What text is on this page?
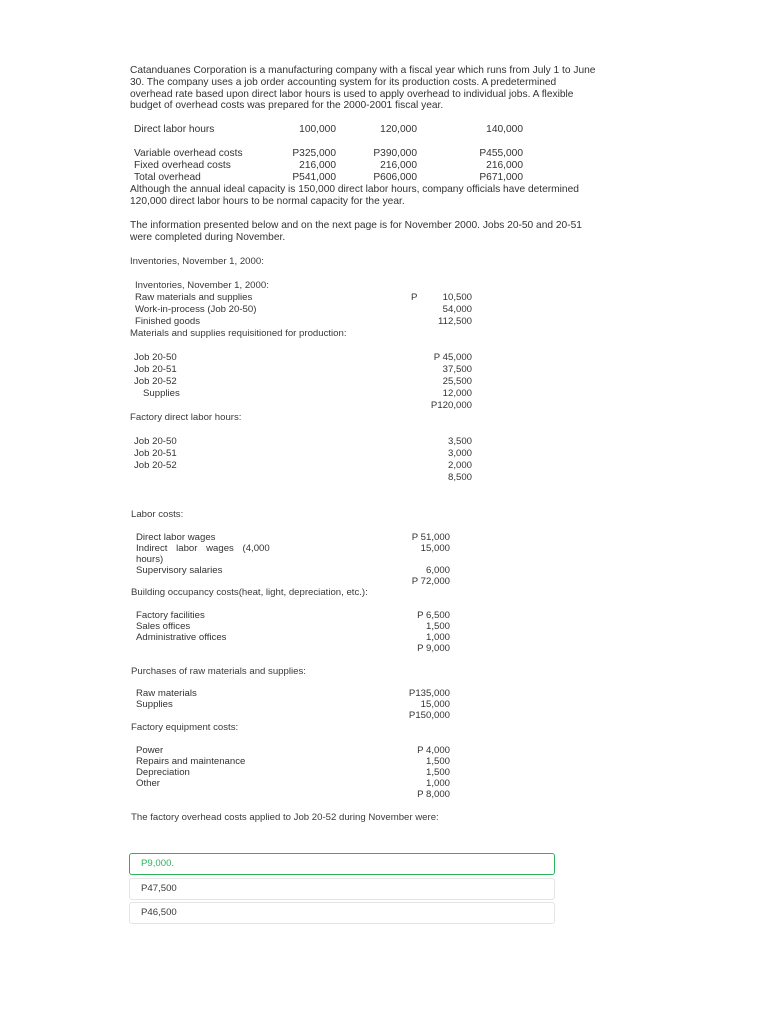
Catanduanes Corporation is a manufacturing company with a fiscal year which runs from July 1 to June 30. The company uses a job order accounting system for its production costs. A predetermined overhead rate based upon direct labor hours is used to apply overhead to individual jobs. A flexible budget of overhead costs was prepared for the 2000-2001 fiscal year.
Direct labor hours	100,000	120,000	140,000
Variable overhead costs	P325,000	P390,000	P455,000
Fixed overhead costs	216,000	216,000	216,000
Total overhead	P541,000	P606,000	P671,000
Although the annual ideal capacity is 150,000 direct labor hours, company officials have determined 120,000 direct labor hours to be normal capacity for the year.
The information presented below and on the next page is for November 2000. Jobs 20-50 and 20-51 were completed during November.
Inventories, November 1, 2000:
Inventories, November 1, 2000:
Raw materials and supplies	P	10,500
Work-in-process (Job 20-50)	54,000
Finished goods	112,500
Materials and supplies requisitioned for production:
Job 20-50	P 45,000
Job 20-51	37,500
Job 20-52	25,500
Supplies	12,000
P120,000
Factory direct labor hours:
Job 20-50	3,500
Job 20-51	3,000
Job 20-52	2,000
8,500
Labor costs:
Direct labor wages	P 51,000
Indirect labor wages (4,000	15,000
hours)
Supervisory salaries	6,000
P 72,000
Building occupancy costs(heat, light, depreciation, etc.):
Factory facilities	P 6,500
Sales offices	1,500
Administrative offices	1,000
P 9,000
Purchases of raw materials and supplies:
Raw materials	P135,000
Supplies	15,000
P150,000
Factory equipment costs:
Power	P 4,000
Repairs and maintenance	1,500
Depreciation	1,500
Other	1,000
P 8,000
The factory overhead costs applied to Job 20-52 during November were:
P9,000.
P47,500
P46,500
